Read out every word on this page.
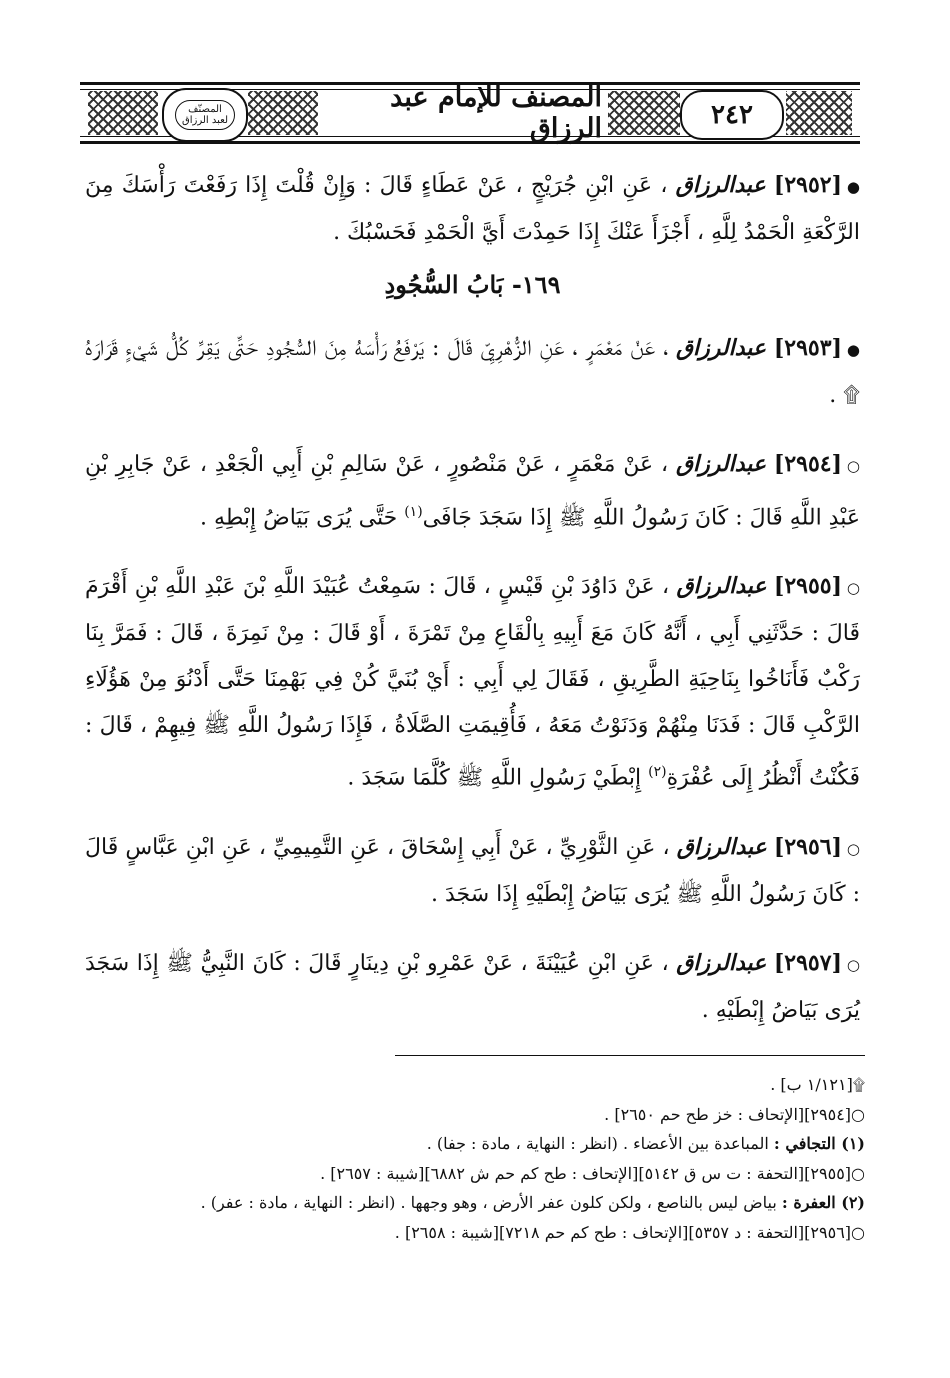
٢٤٢
المصنف للإمام عبد الرزاق
المصنّف
لعبد الرزاق

●[٢٩٥٢] عبدالرزاق ، عَنِ ابْنِ جُرَيْجٍ ، عَنْ عَطَاءٍ قَالَ : وَإِنْ قُلْتَ إِذَا رَفَعْتَ رَأْسَكَ مِنَ الرَّكْعَةِ الْحَمْدُ لِلَّهِ ، أَجْزَأَ عَنْكَ إِذَا حَمِدْتَ أَيَّ الْحَمْدِ فَحَسْبُكَ .

١٦٩- بَابُ السُّجُودِ

●[٢٩٥٣] عبدالرزاق ، عَنْ مَعْمَرٍ ، عَنِ الزُّهْرِيِّ قَالَ : يَرْفَعُ رَأْسَهُ مِنَ السُّجُودِ حَتَّى يَقِرَّ كُلُّ شَيْءٍ قَرَارَهُ ۩ .

○[٢٩٥٤] عبدالرزاق ، عَنْ مَعْمَرٍ ، عَنْ مَنْصُورٍ ، عَنْ سَالِمِ بْنِ أَبِي الْجَعْدِ ، عَنْ جَابِرِ بْنِ عَبْدِ اللَّهِ قَالَ : كَانَ رَسُولُ اللَّهِ ﷺ إِذَا سَجَدَ جَافَى$^{(١)}$ حَتَّى يُرَى بَيَاضُ إِبْطِهِ .

○[٢٩٥٥] عبدالرزاق ، عَنْ دَاوُدَ بْنِ قَيْسٍ ، قَالَ : سَمِعْتُ عُبَيْدَ اللَّهِ بْنَ عَبْدِ اللَّهِ بْنِ أَقْرَمَ قَالَ : حَدَّثَنِي أَبِي ، أَنَّهُ كَانَ مَعَ أَبِيهِ بِالْقَاعِ مِنْ تَمْرَةَ ، أَوْ قَالَ : مِنْ نَمِرَةَ ، قَالَ : فَمَرَّ بِنَا رَكْبٌ فَأَنَاخُوا بِنَاحِيَةِ الطَّرِيقِ ، فَقَالَ لِي أَبِي : أَيْ بُنَيَّ كُنْ فِي بَهْمِنَا حَتَّى أَدْنُوَ مِنْ هَؤُلَاءِ الرَّكْبِ قَالَ : فَدَنَا مِنْهُمْ وَدَنَوْتُ مَعَهُ ، فَأُقِيمَتِ الصَّلَاةُ ، فَإِذَا رَسُولُ اللَّهِ ﷺ فِيهِمْ ، قَالَ : فَكُنْتُ أَنْظُرُ إِلَى عُفْرَةِ$^{(٢)}$ إِبْطَيْ رَسُولِ اللَّهِ ﷺ كُلَّمَا سَجَدَ .

○[٢٩٥٦] عبدالرزاق ، عَنِ الثَّوْرِيِّ ، عَنْ أَبِي إِسْحَاقَ ، عَنِ التَّمِيمِيِّ ، عَنِ ابْنِ عَبَّاسٍ قَالَ : كَانَ رَسُولُ اللَّهِ ﷺ يُرَى بَيَاضُ إِبْطَيْهِ إِذَا سَجَدَ .

○[٢٩٥٧] عبدالرزاق ، عَنِ ابْنِ عُيَيْنَةَ ، عَنْ عَمْرِو بْنِ دِينَارٍ قَالَ : كَانَ النَّبِيُّ ﷺ إِذَا سَجَدَ يُرَى بَيَاضُ إِبْطَيْهِ .

۩[١/١٢١ ب] .
○[٢٩٥٤][الإتحاف : خز طح حم ٢٦٥٠] .
(١) التجافي : المباعدة بين الأعضاء . (انظر : النهاية ، مادة : جفا) .
○[٢٩٥٥][التحفة : ت س ق ٥١٤٢][الإتحاف : طح كم حم ش ٦٨٨٢][شيبة : ٢٦٥٧] .
(٢) العفرة : بياض ليس بالناصع ، ولكن كلون عفر الأرض ، وهو وجهها . (انظر : النهاية ، مادة : عفر) .
○[٢٩٥٦][التحفة : د ٥٣٥٧][الإتحاف : طح كم حم ٧٢١٨][شيبة : ٢٦٥٨] .
